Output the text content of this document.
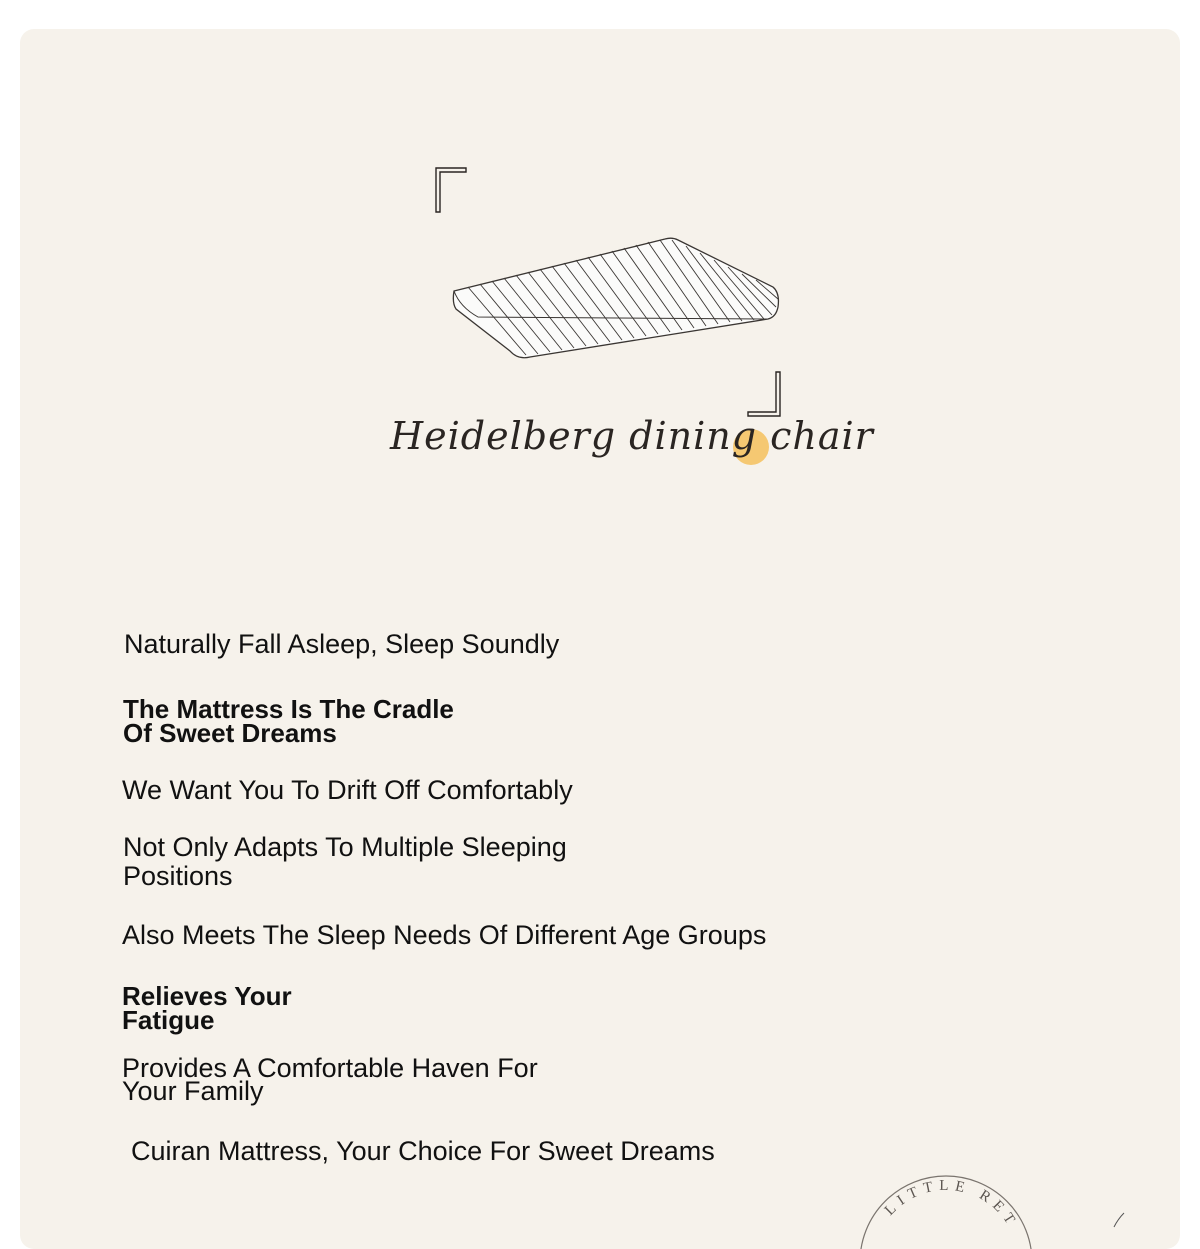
Heidelberg dining chair
Naturally Fall Asleep, Sleep Soundly
The Mattress Is The Cradle
Of Sweet Dreams
We Want You To Drift Off Comfortably
Not Only Adapts To Multiple Sleeping
Positions
Also Meets The Sleep Needs Of Different Age Groups
Relieves Your
Fatigue
Provides A Comfortable Haven For
Your Family
Cuiran Mattress, Your Choice For Sweet Dreams
LITTLE RET
